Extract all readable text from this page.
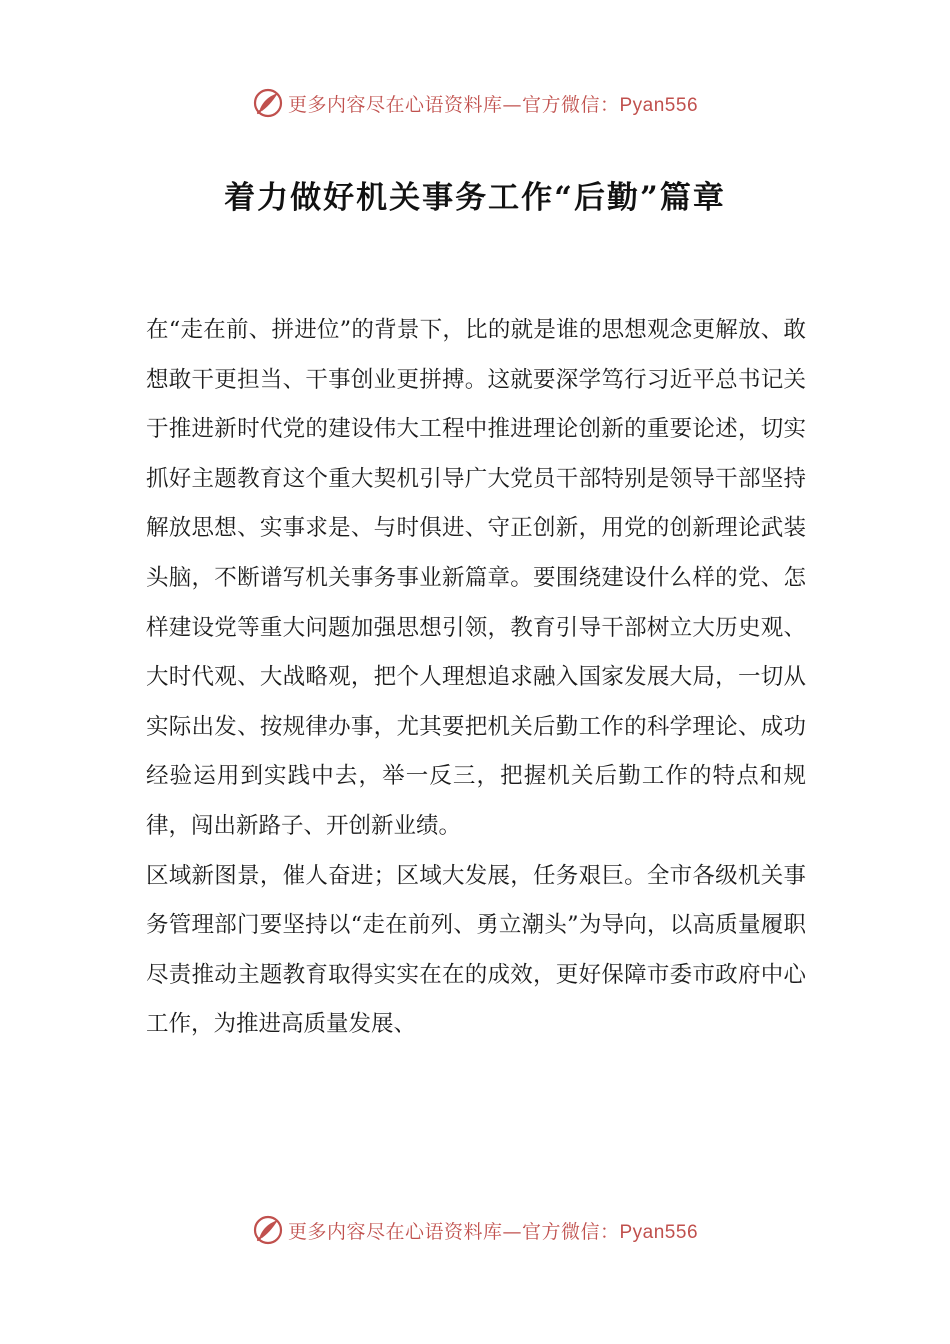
更多内容尽在心语资料库—官方微信：Pyan556
着力做好机关事务工作“后勤”篇章

在“走在前、拼进位”的背景下，比的就是谁的思想观念更解放、敢想敢干更担当、干事创业更拼搏。这就要深学笃行习近平总书记关于推进新时代党的建设伟大工程中推进理论创新的重要论述，切实抓好主题教育这个重大契机引导广大党员干部特别是领导干部坚持解放思想、实事求是、与时俱进、守正创新，用党的创新理论武装头脑，不断谱写机关事务事业新篇章。要围绕建设什么样的党、怎样建设党等重大问题加强思想引领，教育引导干部树立大历史观、大时代观、大战略观，把个人理想追求融入国家发展大局，一切从实际出发、按规律办事，尤其要把机关后勤工作的科学理论、成功经验运用到实践中去，举一反三，把握机关后勤工作的特点和规律，闯出新路子、开创新业绩。

区域新图景，催人奋进；区域大发展，任务艰巨。全市各级机关事务管理部门要坚持以“走在前列、勇立潮头”为导向，以高质量履职尽责推动主题教育取得实实在在的成效，更好保障市委市政府中心工作，为推进高质量发展、

更多内容尽在心语资料库—官方微信：Pyan556
